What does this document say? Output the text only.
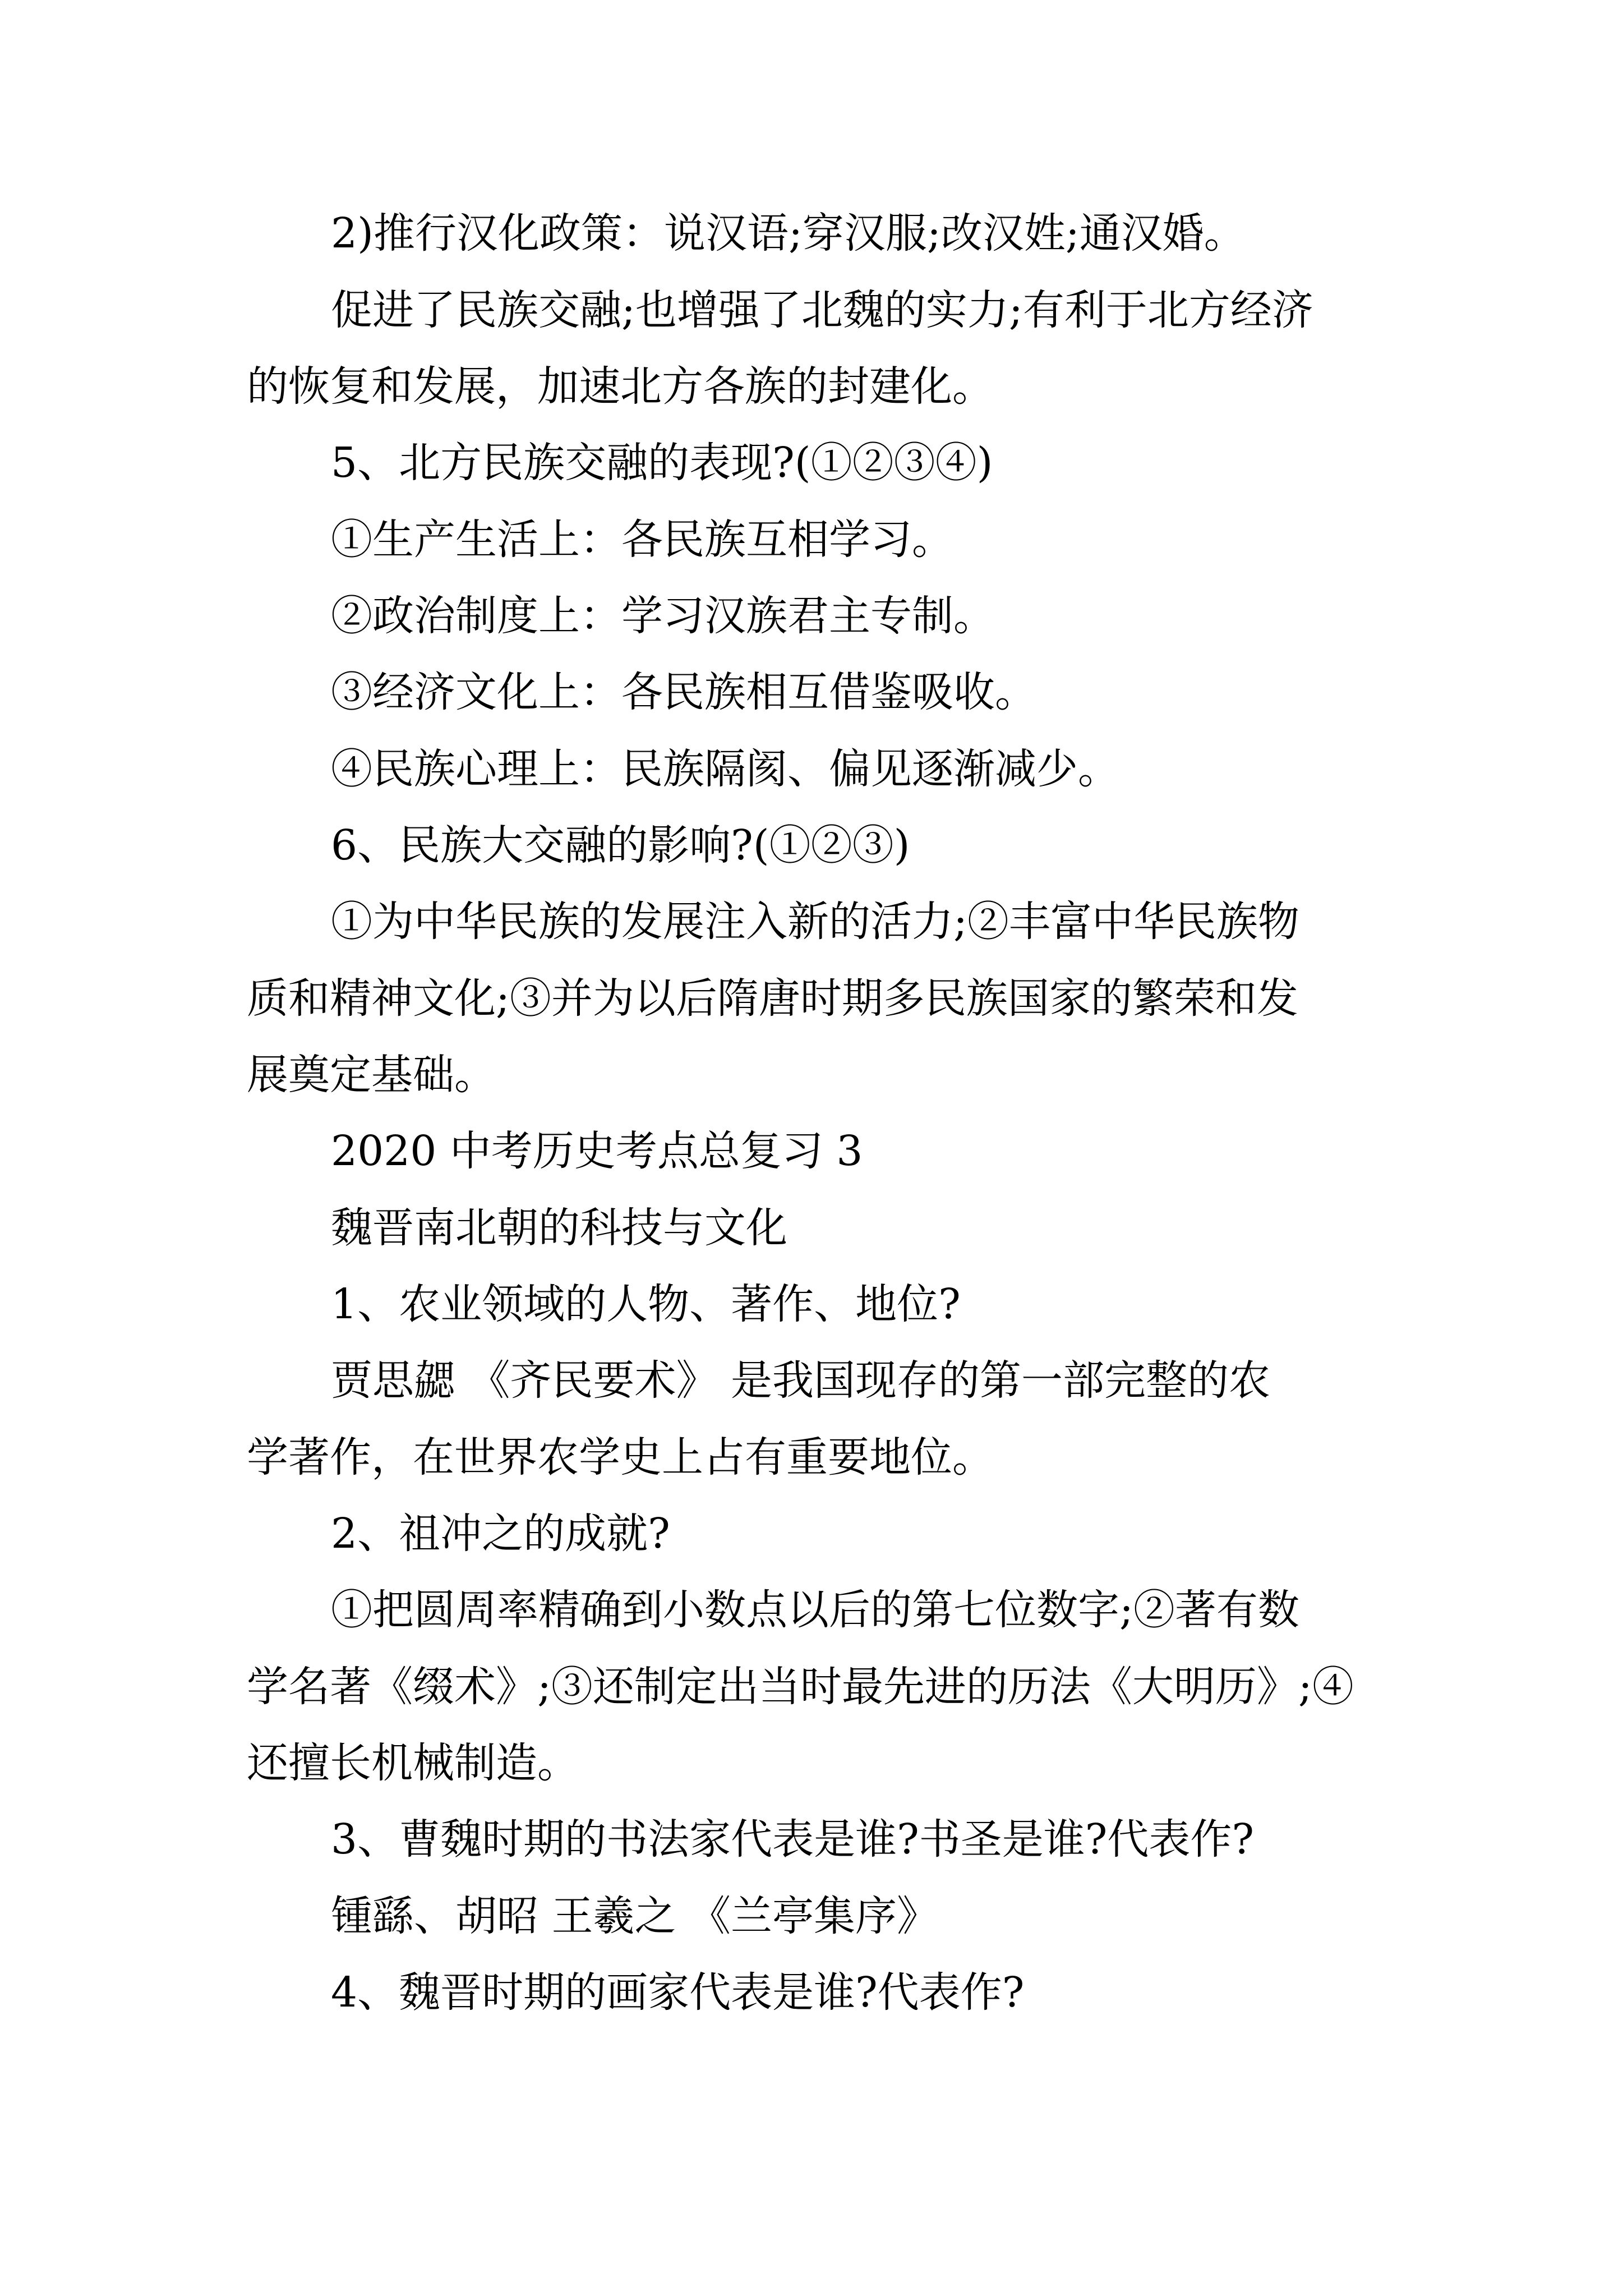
2)推行汉化政策：说汉语;穿汉服;改汉姓;通汉婚。
促进了民族交融;也增强了北魏的实力;有利于北方经济
的恢复和发展，加速北方各族的封建化。
5、北方民族交融的表现?(①②③④)
①生产生活上：各民族互相学习。
②政治制度上：学习汉族君主专制。
③经济文化上：各民族相互借鉴吸收。
④民族心理上：民族隔阂、偏见逐渐减少。
6、民族大交融的影响?(①②③)
①为中华民族的发展注入新的活力;②丰富中华民族物
质和精神文化;③并为以后隋唐时期多民族国家的繁荣和发
展奠定基础。
2020 中考历史考点总复习 3
魏晋南北朝的科技与文化
1、农业领域的人物、著作、地位?
贾思勰 《齐民要术》 是我国现存的第一部完整的农
学著作，在世界农学史上占有重要地位。
2、祖冲之的成就?
①把圆周率精确到小数点以后的第七位数字;②著有数
学名著《缀术》;③还制定出当时最先进的历法《大明历》;④
还擅长机械制造。
3、曹魏时期的书法家代表是谁?书圣是谁?代表作?
锺繇、胡昭 王羲之 《兰亭集序》
4、魏晋时期的画家代表是谁?代表作?
